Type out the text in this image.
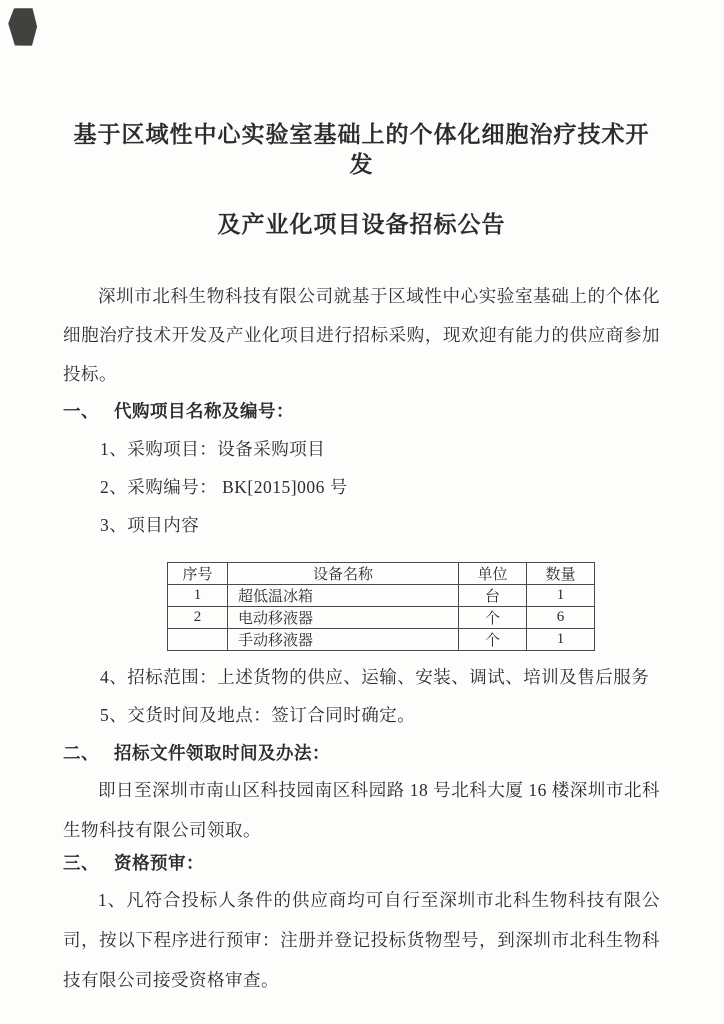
基于区域性中心实验室基础上的个体化细胞治疗技术开发
及产业化项目设备招标公告

深圳市北科生物科技有限公司就基于区域性中心实验室基础上的个体化细胞治疗技术开发及产业化项目进行招标采购，现欢迎有能力的供应商参加投标。

一、 代购项目名称及编号：

1、采购项目：设备采购项目

2、采购编号： BK[2015]006 号

3、项目内容

序号	设备名称	单位	数量
1	超低温冰箱	台	1
2	电动移液器	个	6
	手动移液器	个	1

4、招标范围：上述货物的供应、运输、安装、调试、培训及售后服务

5、交货时间及地点：签订合同时确定。

二、 招标文件领取时间及办法：

即日至深圳市南山区科技园南区科园路 18 号北科大厦 16 楼深圳市北科生物科技有限公司领取。

三、 资格预审：

1、凡符合投标人条件的供应商均可自行至深圳市北科生物科技有限公司，按以下程序进行预审：注册并登记投标货物型号，到深圳市北科生物科技有限公司接受资格审查。
